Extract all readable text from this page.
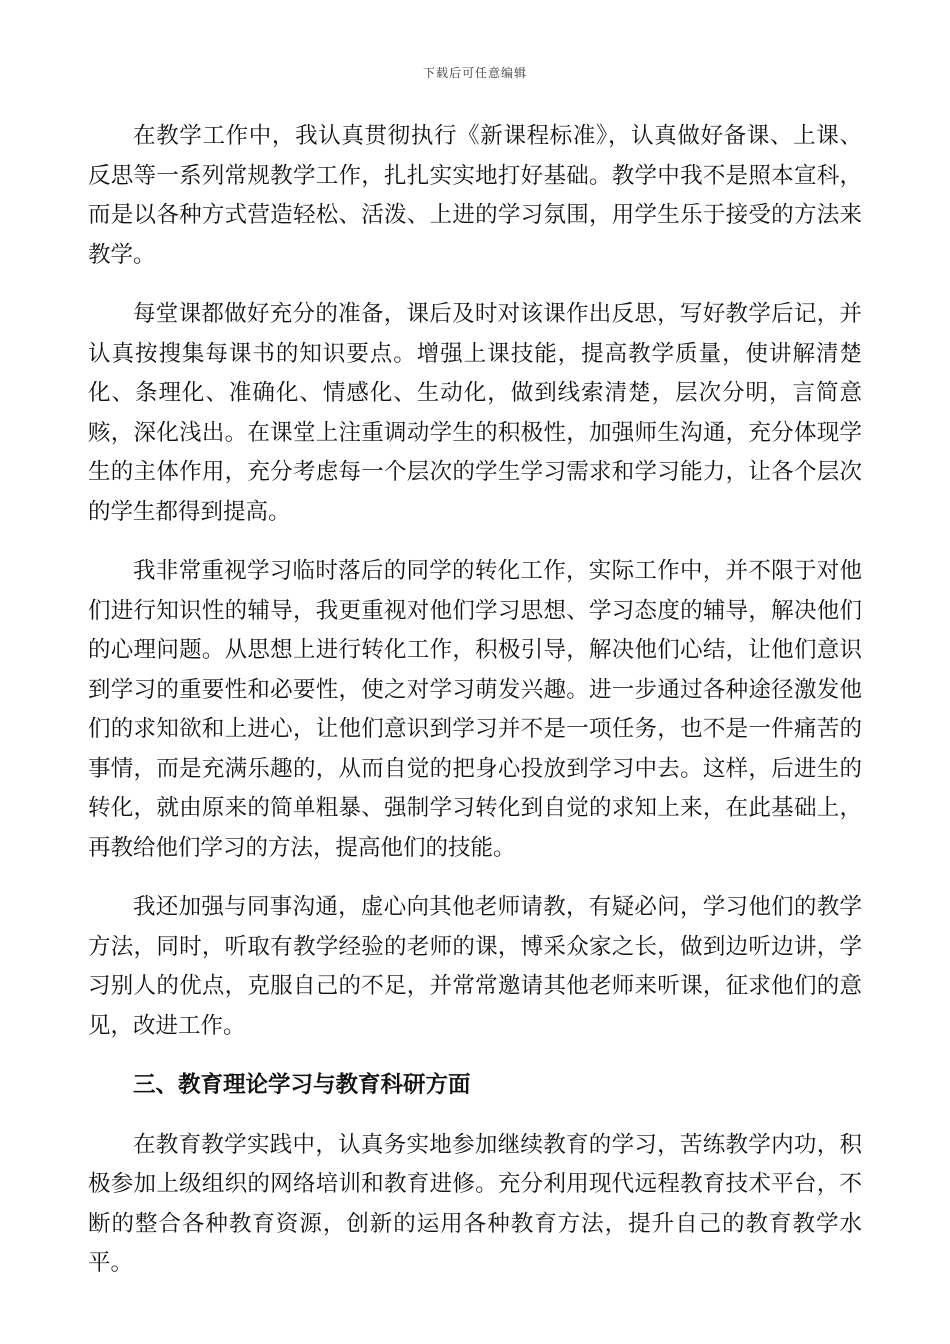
下载后可任意编辑

在教学工作中，我认真贯彻执行《新课程标准》，认真做好备课、上课、反思等一系列常规教学工作，扎扎实实地打好基础。教学中我不是照本宣科，而是以各种方式营造轻松、活泼、上进的学习氛围，用学生乐于接受的方法来教学。

每堂课都做好充分的准备，课后及时对该课作出反思，写好教学后记，并认真按搜集每课书的知识要点。增强上课技能，提高教学质量，使讲解清楚化、条理化、准确化、情感化、生动化，做到线索清楚，层次分明，言简意赅，深化浅出。在课堂上注重调动学生的积极性，加强师生沟通，充分体现学生的主体作用，充分考虑每一个层次的学生学习需求和学习能力，让各个层次的学生都得到提高。

我非常重视学习临时落后的同学的转化工作，实际工作中，并不限于对他们进行知识性的辅导，我更重视对他们学习思想、学习态度的辅导，解决他们的心理问题。从思想上进行转化工作，积极引导，解决他们心结，让他们意识到学习的重要性和必要性，使之对学习萌发兴趣。进一步通过各种途径激发他们的求知欲和上进心，让他们意识到学习并不是一项任务，也不是一件痛苦的事情，而是充满乐趣的，从而自觉的把身心投放到学习中去。这样，后进生的转化，就由原来的简单粗暴、强制学习转化到自觉的求知上来，在此基础上，再教给他们学习的方法，提高他们的技能。

我还加强与同事沟通，虚心向其他老师请教，有疑必问，学习他们的教学方法，同时，听取有教学经验的老师的课，博采众家之长，做到边听边讲，学习别人的优点，克服自己的不足，并常常邀请其他老师来听课，征求他们的意见，改进工作。

三、教育理论学习与教育科研方面

在教育教学实践中，认真务实地参加继续教育的学习，苦练教学内功，积极参加上级组织的网络培训和教育进修。充分利用现代远程教育技术平台，不断的整合各种教育资源，创新的运用各种教育方法，提升自己的教育教学水平。
